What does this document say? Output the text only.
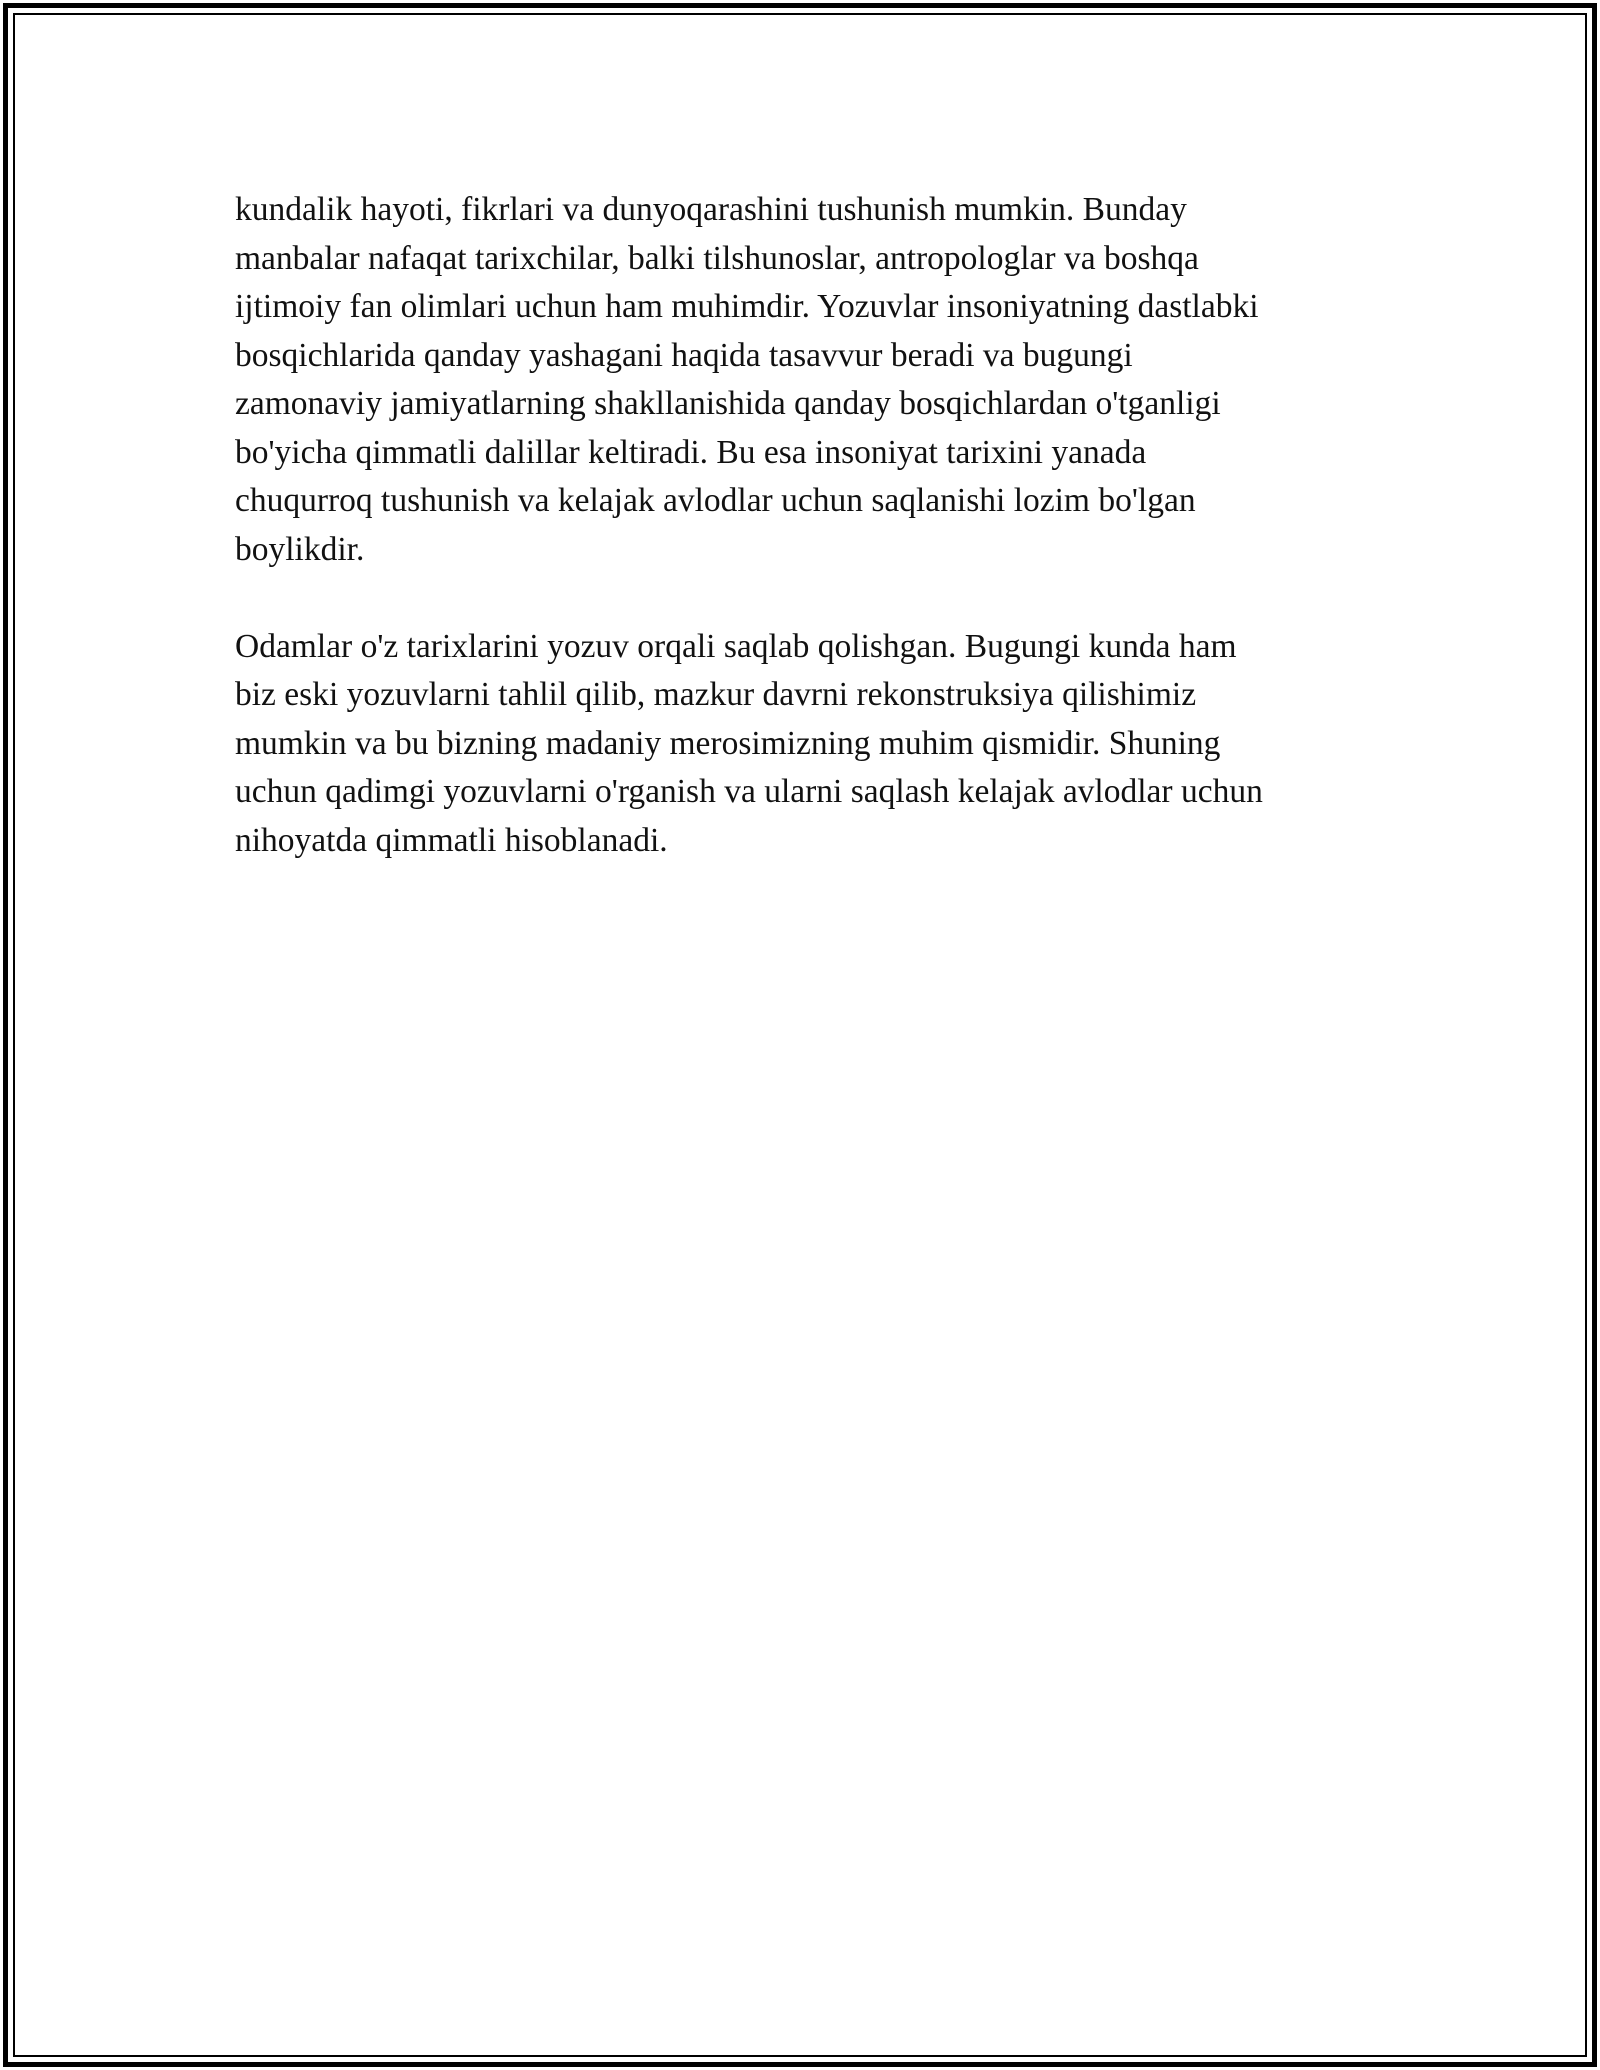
kundalik hayoti, fikrlari va dunyoqarashini tushunish mumkin. Bunday
manbalar nafaqat tarixchilar, balki tilshunoslar, antropologlar va boshqa
ijtimoiy fan olimlari uchun ham muhimdir. Yozuvlar insoniyatning dastlabki
bosqichlarida qanday yashagani haqida tasavvur beradi va bugungi
zamonaviy jamiyatlarning shakllanishida qanday bosqichlardan o'tganligi
bo'yicha qimmatli dalillar keltiradi. Bu esa insoniyat tarixini yanada
chuqurroq tushunish va kelajak avlodlar uchun saqlanishi lozim bo'lgan
boylikdir.

Odamlar o'z tarixlarini yozuv orqali saqlab qolishgan. Bugungi kunda ham
biz eski yozuvlarni tahlil qilib, mazkur davrni rekonstruksiya qilishimiz
mumkin va bu bizning madaniy merosimizning muhim qismidir. Shuning
uchun qadimgi yozuvlarni o'rganish va ularni saqlash kelajak avlodlar uchun
nihoyatda qimmatli hisoblanadi.
